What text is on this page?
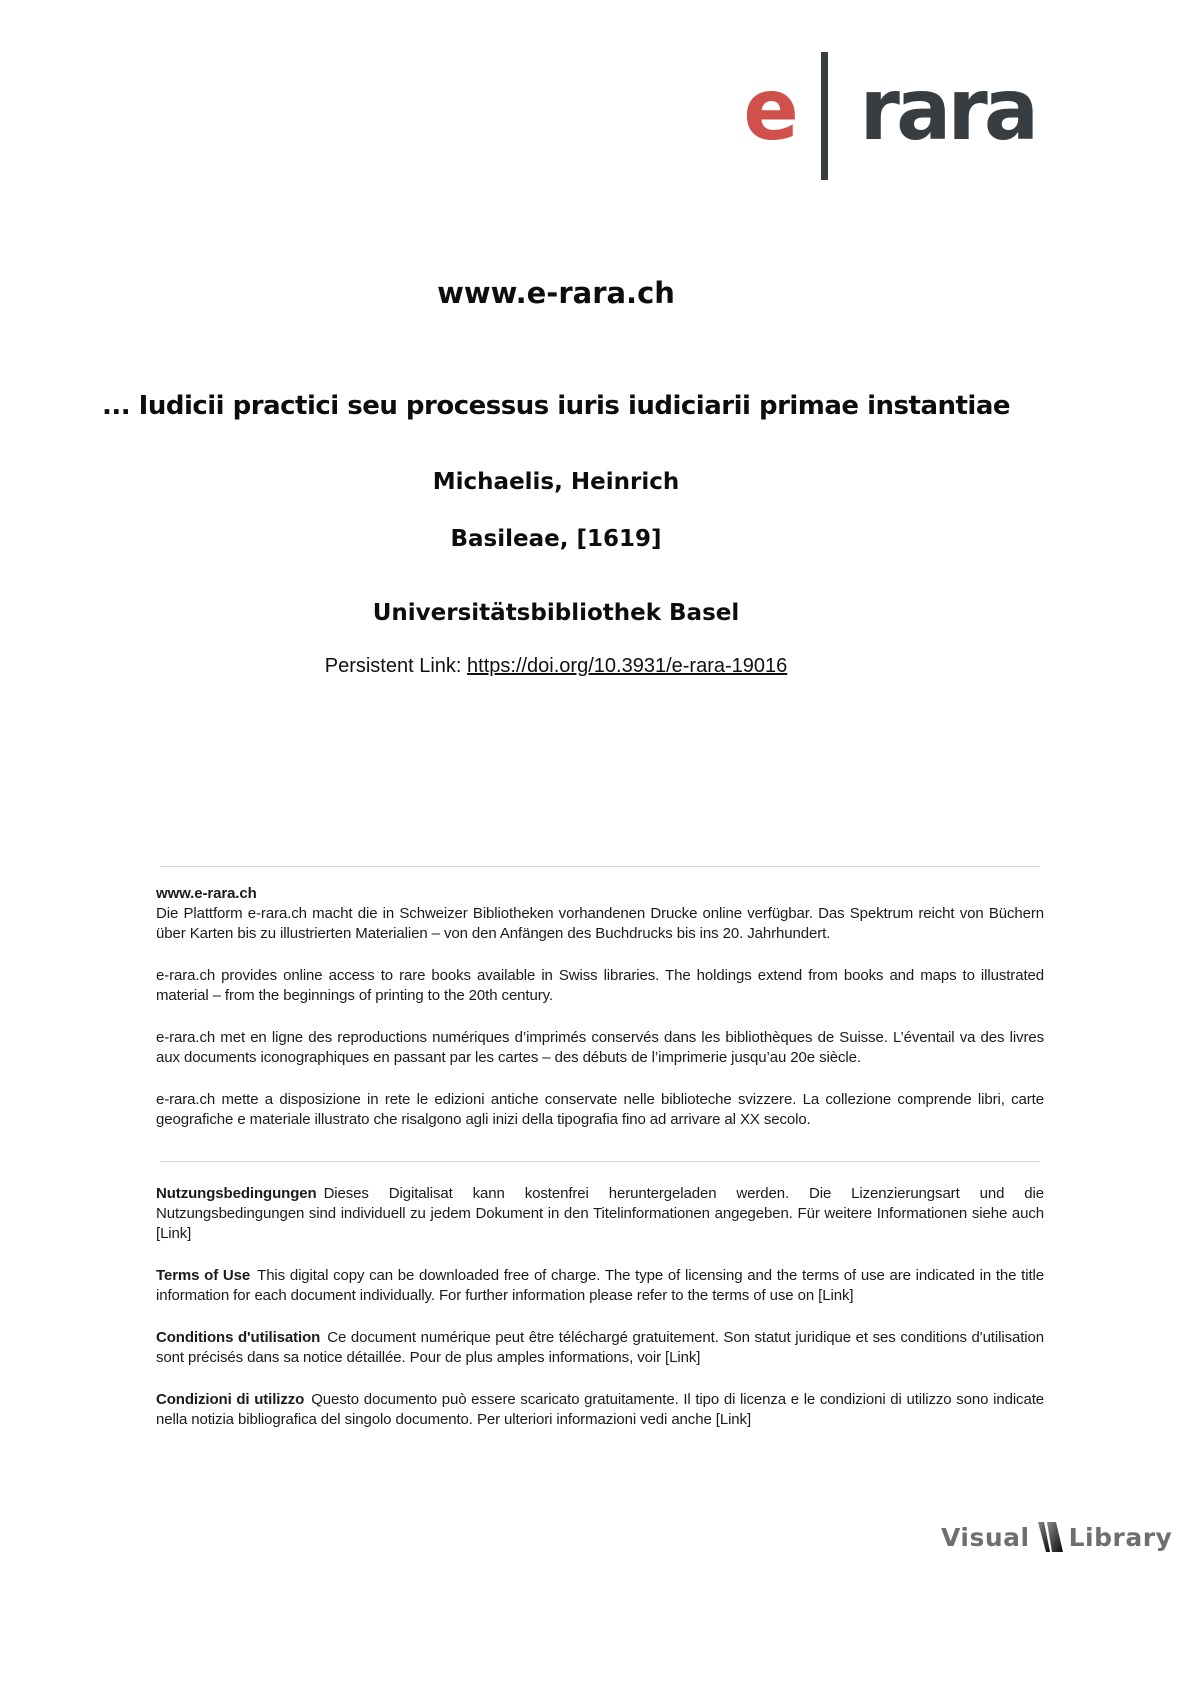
e rara
www.e-rara.ch
... Iudicii practici seu processus iuris iudiciarii primae instantiae
Michaelis, Heinrich
Basileae, [1619]
Universitätsbibliothek Basel
Persistent Link: https://doi.org/10.3931/e-rara-19016

www.e-rara.ch
Die Plattform e-rara.ch macht die in Schweizer Bibliotheken vorhandenen Drucke online verfügbar. Das Spektrum reicht von Büchern über Karten bis zu illustrierten Materialien – von den Anfängen des Buchdrucks bis ins 20. Jahrhundert.

e-rara.ch provides online access to rare books available in Swiss libraries. The holdings extend from books and maps to illustrated material – from the beginnings of printing to the 20th century.

e-rara.ch met en ligne des reproductions numériques d’imprimés conservés dans les bibliothèques de Suisse. L’éventail va des livres aux documents iconographiques en passant par les cartes – des débuts de l’imprimerie jusqu’au 20e siècle.

e-rara.ch mette a disposizione in rete le edizioni antiche conservate nelle biblioteche svizzere. La collezione comprende libri, carte geografiche e materiale illustrato che risalgono agli inizi della tipografia fino ad arrivare al XX secolo.

Nutzungsbedingungen Dieses Digitalisat kann kostenfrei heruntergeladen werden. Die Lizenzierungsart und die Nutzungsbedingungen sind individuell zu jedem Dokument in den Titelinformationen angegeben. Für weitere Informationen siehe auch [Link]

Terms of Use This digital copy can be downloaded free of charge. The type of licensing and the terms of use are indicated in the title information for each document individually. For further information please refer to the terms of use on [Link]

Conditions d'utilisation Ce document numérique peut être téléchargé gratuitement. Son statut juridique et ses conditions d'utilisation sont précisés dans sa notice détaillée. Pour de plus amples informations, voir [Link]

Condizioni di utilizzo Questo documento può essere scaricato gratuitamente. Il tipo di licenza e le condizioni di utilizzo sono indicate nella notizia bibliografica del singolo documento. Per ulteriori informazioni vedi anche [Link]

Visual Library
